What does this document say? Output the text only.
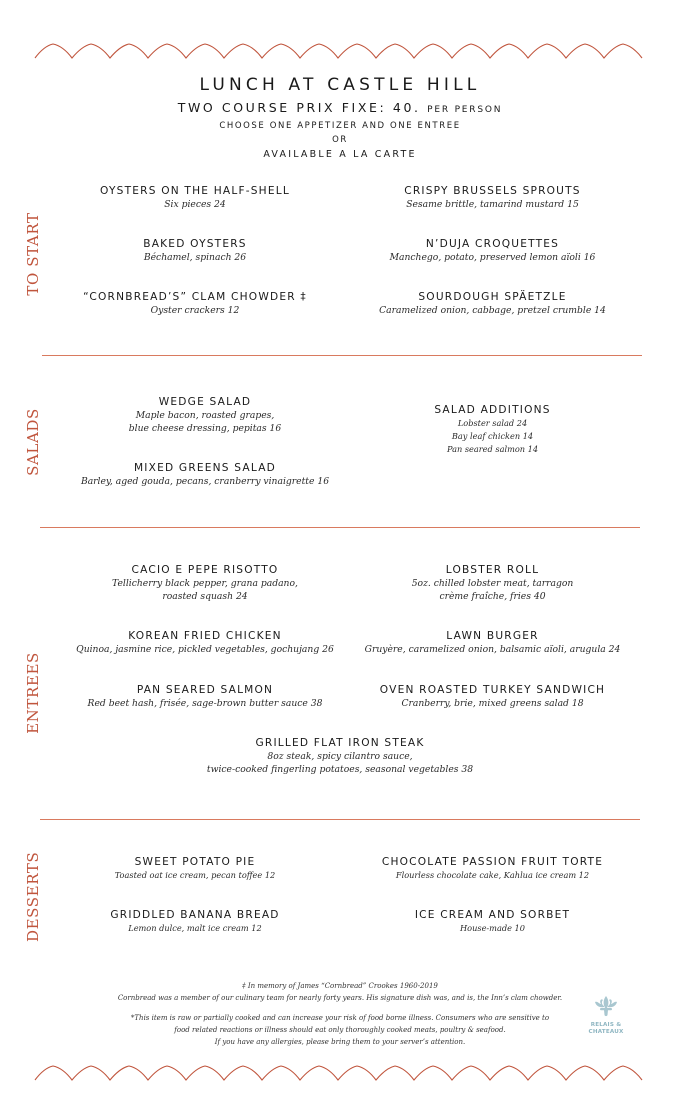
LUNCH AT CASTLE HILL
TWO COURSE PRIX FIXE: 40. PER PERSON
CHOOSE ONE APPETIZER AND ONE ENTREE
OR
AVAILABLE A LA CARTE
TO START
OYSTERS ON THE HALF-SHELL
Six pieces 24
BAKED OYSTERS
Béchamel, spinach 26
“CORNBREAD’S” CLAM CHOWDER ‡
Oyster crackers 12
CRISPY BRUSSELS SPROUTS
Sesame brittle, tamarind mustard 15
N’DUJA CROQUETTES
Manchego, potato, preserved lemon aïoli 16
SOURDOUGH SPÄETZLE
Caramelized onion, cabbage, pretzel crumble 14
SALADS
WEDGE SALAD
Maple bacon, roasted grapes,
blue cheese dressing, pepitas 16
MIXED GREENS SALAD
Barley, aged gouda, pecans, cranberry vinaigrette 16
SALAD ADDITIONS
Lobster salad 24
Bay leaf chicken 14
Pan seared salmon 14
ENTREES
CACIO E PEPE RISOTTO
Tellicherry black pepper, grana padano,
roasted squash 24
KOREAN FRIED CHICKEN
Quinoa, jasmine rice, pickled vegetables, gochujang 26
PAN SEARED SALMON
Red beet hash, frisée, sage-brown butter sauce 38
LOBSTER ROLL
5oz. chilled lobster meat, tarragon
crème fraîche, fries 40
LAWN BURGER
Gruyère, caramelized onion, balsamic aïoli, arugula 24
OVEN ROASTED TURKEY SANDWICH
Cranberry, brie, mixed greens salad 18
GRILLED FLAT IRON STEAK
8oz steak, spicy cilantro sauce,
twice-cooked fingerling potatoes, seasonal vegetables 38
DESSERTS	SWEET POTATO PIE
Toasted oat ice cream, pecan toffee 12
GRIDDLED BANANA BREAD
Lemon dulce, malt ice cream 12
CHOCOLATE PASSION FRUIT TORTE
Flourless chocolate cake, Kahlua ice cream 12
ICE CREAM AND SORBET
House-made 10

‡ In memory of James “Cornbread” Crookes 1960-2019

Cornbread was a member of our culinary team for nearly forty years. His signature dish was, and is, the Inn’s clam chowder.

*This item is raw or partially cooked and can increase your risk of food borne illness. Consumers who are sensitive to

food related reactions or illness should eat only thoroughly cooked meats, poultry & seafood.

If you have any allergies, please bring them to your server’s attention.

RELAIS &
CHATEAUX
